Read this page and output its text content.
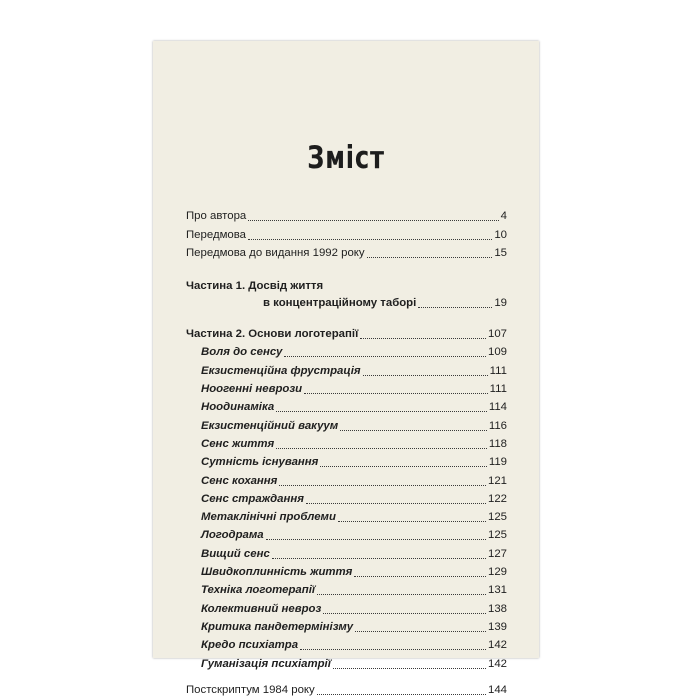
Зміст
Про автора	4
Передмова	10
Передмова до видання 1992 року	15
Частина 1. Досвід життя
в концентраційному таборі	19
Частина 2. Основи логотерапії	107
Воля до сенсу	109
Екзистенційна фрустрація	111
Ноогенні неврози	111
Ноодинаміка	114
Екзистенційний вакуум	116
Сенс життя	118
Сутність існування	119
Сенс кохання	121
Сенс страждання	122
Метаклінічні проблеми	125
Логодрама	125
Вищий сенс	127
Швидкоплинність життя	129
Техніка логотерапії	131
Колективний невроз	138
Критика пандетермінізму	139
Кредо психіатра	142
Гуманізація психіатрії	142
Постскриптум 1984 року	144
